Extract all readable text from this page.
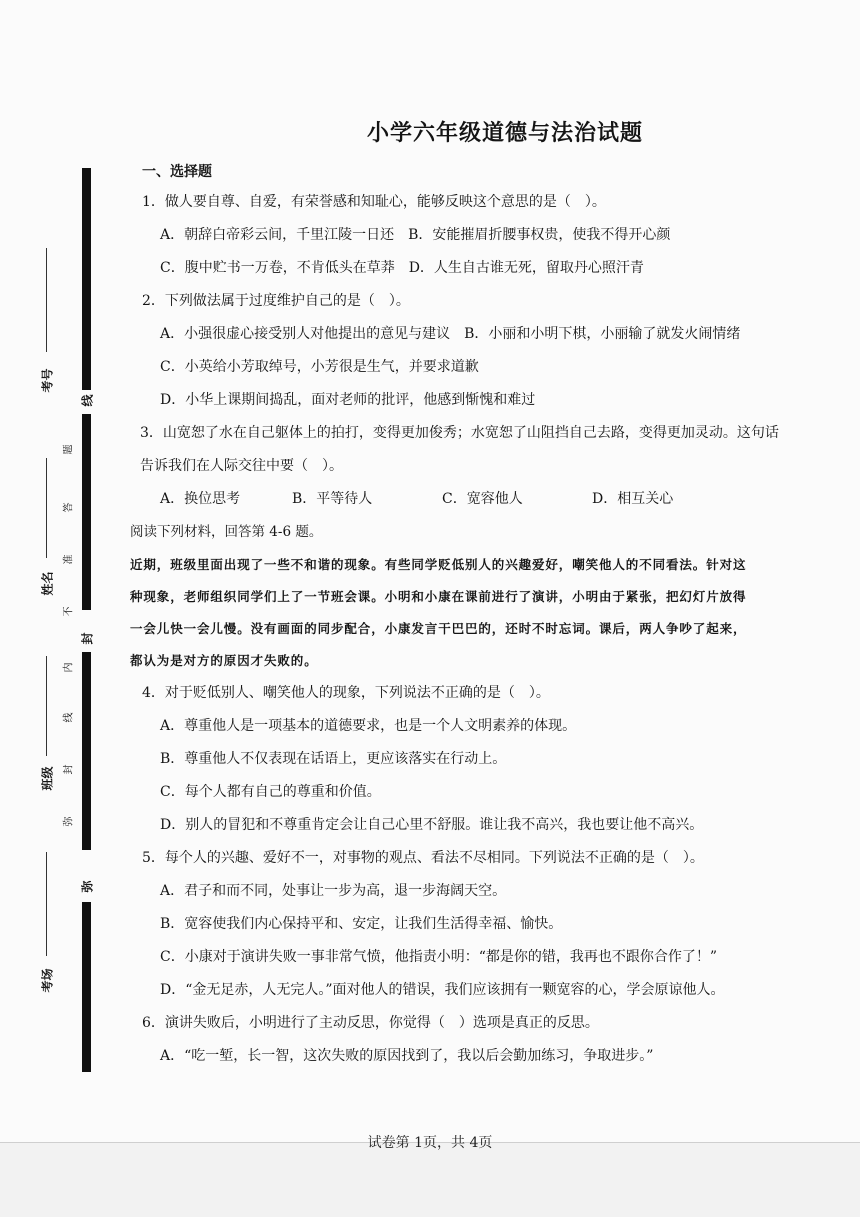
线
封
弥
题
答
准
不
内
线
封
弥
考号
姓名
班级
考场
小学六年级道德与法治试题
一、选择题
1．做人要自尊、自爱，有荣誉感和知耻心，能够反映这个意思的是（　）。
A．朝辞白帝彩云间，千里江陵一日还　B．安能摧眉折腰事权贵，使我不得开心颜
C．腹中贮书一万卷，不肯低头在草莽　D．人生自古谁无死，留取丹心照汗青
2．下列做法属于过度维护自己的是（　）。
A．小强很虚心接受别人对他提出的意见与建议　B．小丽和小明下棋，小丽输了就发火闹情绪
C．小英给小芳取绰号，小芳很是生气，并要求道歉
D．小华上课期间捣乱，面对老师的批评，他感到惭愧和难过
3．山宽恕了水在自己躯体上的拍打，变得更加俊秀；水宽恕了山阻挡自己去路，变得更加灵动。这句话
告诉我们在人际交往中要（　）。
A．换位思考	B．平等待人	C．宽容他人	D．相互关心
阅读下列材料，回答第 4-6 题。
近期，班级里面出现了一些不和谐的现象。有些同学贬低别人的兴趣爱好，嘲笑他人的不同看法。针对这
种现象，老师组织同学们上了一节班会课。小明和小康在课前进行了演讲，小明由于紧张，把幻灯片放得
一会儿快一会儿慢。没有画面的同步配合，小康发言干巴巴的，还时不时忘词。课后，两人争吵了起来，
都认为是对方的原因才失败的。
4．对于贬低别人、嘲笑他人的现象，下列说法不正确的是（　）。
A．尊重他人是一项基本的道德要求，也是一个人文明素养的体现。
B．尊重他人不仅表现在话语上，更应该落实在行动上。
C．每个人都有自己的尊重和价值。
D．别人的冒犯和不尊重肯定会让自己心里不舒服。谁让我不高兴，我也要让他不高兴。
5．每个人的兴趣、爱好不一，对事物的观点、看法不尽相同。下列说法不正确的是（　）。
A．君子和而不同，处事让一步为高，退一步海阔天空。
B．宽容使我们内心保持平和、安定，让我们生活得幸福、愉快。
C．小康对于演讲失败一事非常气愤，他指责小明：“都是你的错，我再也不跟你合作了！”
D．“金无足赤，人无完人。”面对他人的错误，我们应该拥有一颗宽容的心，学会原谅他人。
6．演讲失败后，小明进行了主动反思，你觉得（　）选项是真正的反思。
A．“吃一堑，长一智，这次失败的原因找到了，我以后会勤加练习，争取进步。”
试卷第 1页，共 4页
